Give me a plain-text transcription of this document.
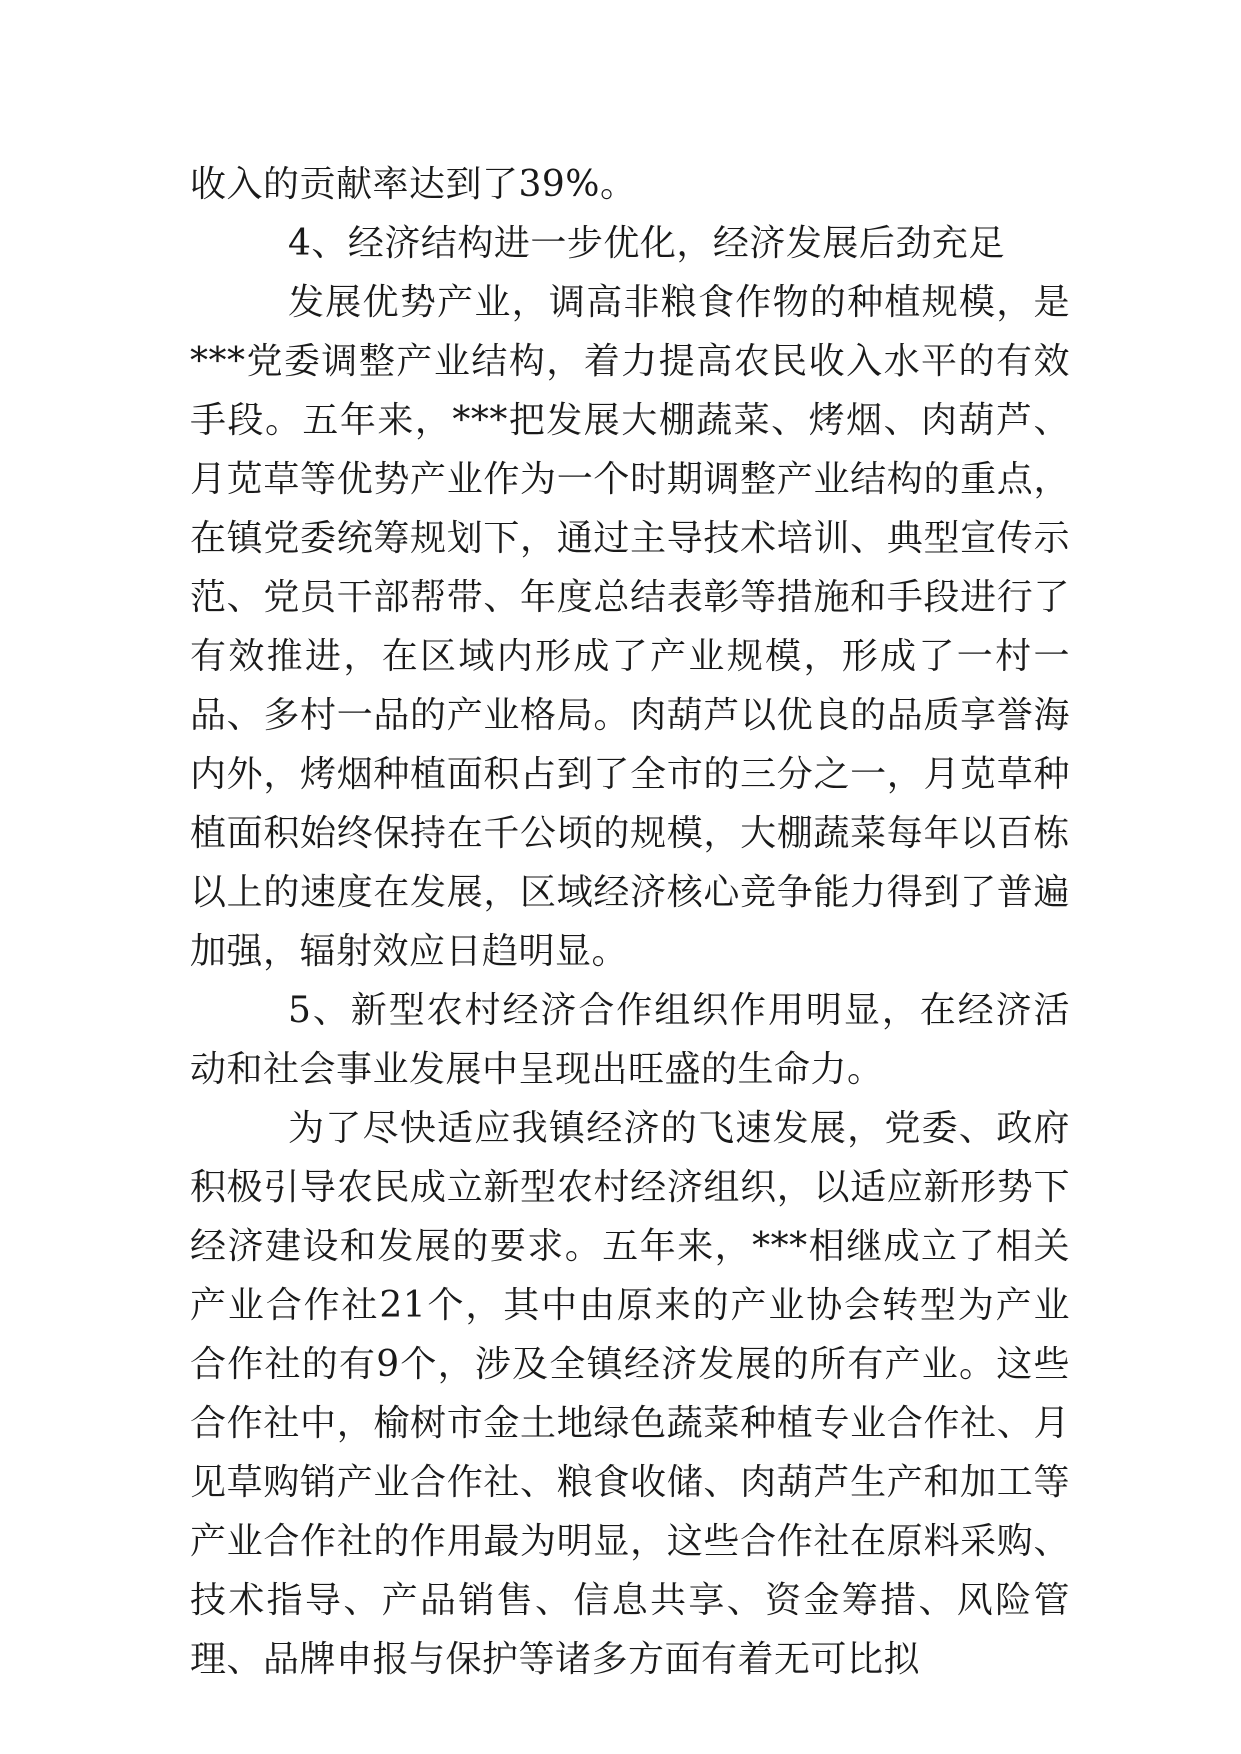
收入的贡献率达到了39%。

4、经济结构进一步优化，经济发展后劲充足

发展优势产业，调高非粮食作物的种植规模，是***党委调整产业结构，着力提高农民收入水平的有效手段。五年来，***把发展大棚蔬菜、烤烟、肉葫芦、月苋草等优势产业作为一个时期调整产业结构的重点，在镇党委统筹规划下，通过主导技术培训、典型宣传示范、党员干部帮带、年度总结表彰等措施和手段进行了有效推进，在区域内形成了产业规模，形成了一村一品、多村一品的产业格局。肉葫芦以优良的品质享誉海内外，烤烟种植面积占到了全市的三分之一，月苋草种植面积始终保持在千公顷的规模，大棚蔬菜每年以百栋以上的速度在发展，区域经济核心竞争能力得到了普遍加强，辐射效应日趋明显。

5、新型农村经济合作组织作用明显，在经济活动和社会事业发展中呈现出旺盛的生命力。

为了尽快适应我镇经济的飞速发展，党委、政府积极引导农民成立新型农村经济组织，以适应新形势下经济建设和发展的要求。五年来，***相继成立了相关产业合作社21个，其中由原来的产业协会转型为产业合作社的有9个，涉及全镇经济发展的所有产业。这些合作社中，榆树市金土地绿色蔬菜种植专业合作社、月见草购销产业合作社、粮食收储、肉葫芦生产和加工等产业合作社的作用最为明显，这些合作社在原料采购、技术指导、产品销售、信息共享、资金筹措、风险管理、品牌申报与保护等诸多方面有着无可比拟
